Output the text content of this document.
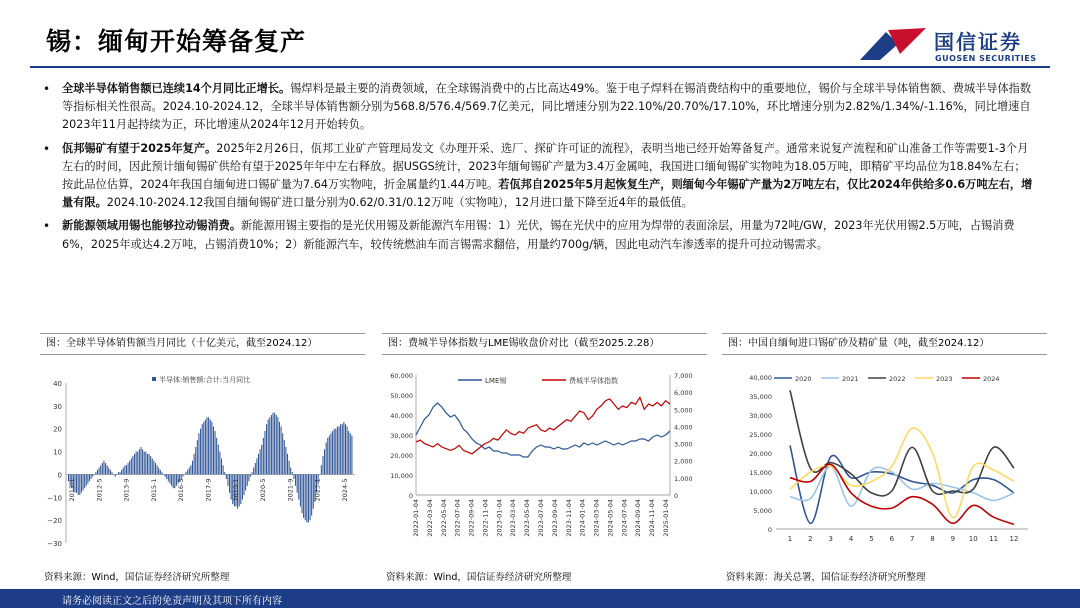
锡：缅甸开始筹备复产	国信证券
GUOSEN SECURITIES
• 全球半导体销售额已连续14个月同比正增长。锡焊料是最主要的消费领域，在全球锡消费中的占比高达49%。鉴于电子焊料在锡消费结构中的重要地位，锡价与全球半导体销售额、费城半导体指数等指标相关性很高。2024.10-2024.12，全球半导体销售额分别为568.8/576.4/569.7亿美元，同比增速分别为22.10%/20.70%/17.10%，环比增速分别为2.82%/1.34%/-1.16%，同比增速自2023年11月起持续为正，环比增速从2024年12月开始转负。
• 佤邦锡矿有望于2025年复产。2025年2月26日，佤邦工业矿产管理局发文《办理开采、选厂、探矿许可证的流程》，表明当地已经开始筹备复产。通常来说复产流程和矿山准备工作等需要1-3个月左右的时间，因此预计缅甸锡矿供给有望于2025年年中左右释放。据USGS统计，2023年缅甸锡矿产量为3.4万金属吨，我国进口缅甸锡矿实物吨为18.05万吨，即精矿平均品位为18.84%左右；按此品位估算，2024年我国自缅甸进口锡矿量为7.64万实物吨，折金属量约1.44万吨。若佤邦自2025年5月起恢复生产，则缅甸今年锡矿产量为2万吨左右，仅比2024年供给多0.6万吨左右，增量有限。2024.10-2024.12我国自缅甸锡矿进口量分别为0.62/0.31/0.12万吨（实物吨），12月进口量下降至近4年的最低值。
• 新能源领域用锡也能够拉动锡消费。新能源用锡主要指的是光伏用锡及新能源汽车用锡：1）光伏，锡在光伏中的应用为焊带的表面涂层，用量为72吨/GW，2023年光伏用锡2.5万吨，占锡消费6%，2025年或达4.2万吨，占锡消费10%；2）新能源汽车，较传统燃油车而言锡需求翻倍，用量约700g/辆，因此电动汽车渗透率的提升可拉动锡需求。
图：全球半导体销售额当月同比（十亿美元，截至2024.12）
40
30
20
10
0
−10
−20
−30
2011-1	2012-5	2013-9	2015-1	2016-5	2017-9	2019-1	2020-5	2021-9	2023-1	2024-5
半导体:销售额:合计:当月同比
资料来源：Wind，国信证券经济研究所整理
图：费城半导体指数与LME锡收盘价对比（截至2025.2.28）
60,000
50,000
40,000
30,000
20,000
10,000
0
7,000
6,000
5,000
4,000
3,000
2,000
1,000
0
2022-01-04 2022-03-04 2022-05-04 2022-07-04 2022-09-04 2022-11-04 2023-01-04 2023-03-04 2023-05-04 2023-07-04 2023-09-04 2023-11-04 2024-01-04 2024-03-04 2024-05-04 2024-07-04 2024-09-04 2024-11-04 2025-01-04
LME锡	费城半导体指数
资料来源：Wind，国信证券经济研究所整理
图：中国自缅甸进口锡矿砂及精矿量（吨，截至2024.12）
40,000
35,000
30,000
25,000
20,000
15,000
10,000
5,000
0
1 2 3 4 5 6 7 8 9 10 11 12
2020	2021	2022	2023	2024
资料来源：海关总署，国信证券经济研究所整理
请务必阅读正文之后的免责声明及其项下所有内容
